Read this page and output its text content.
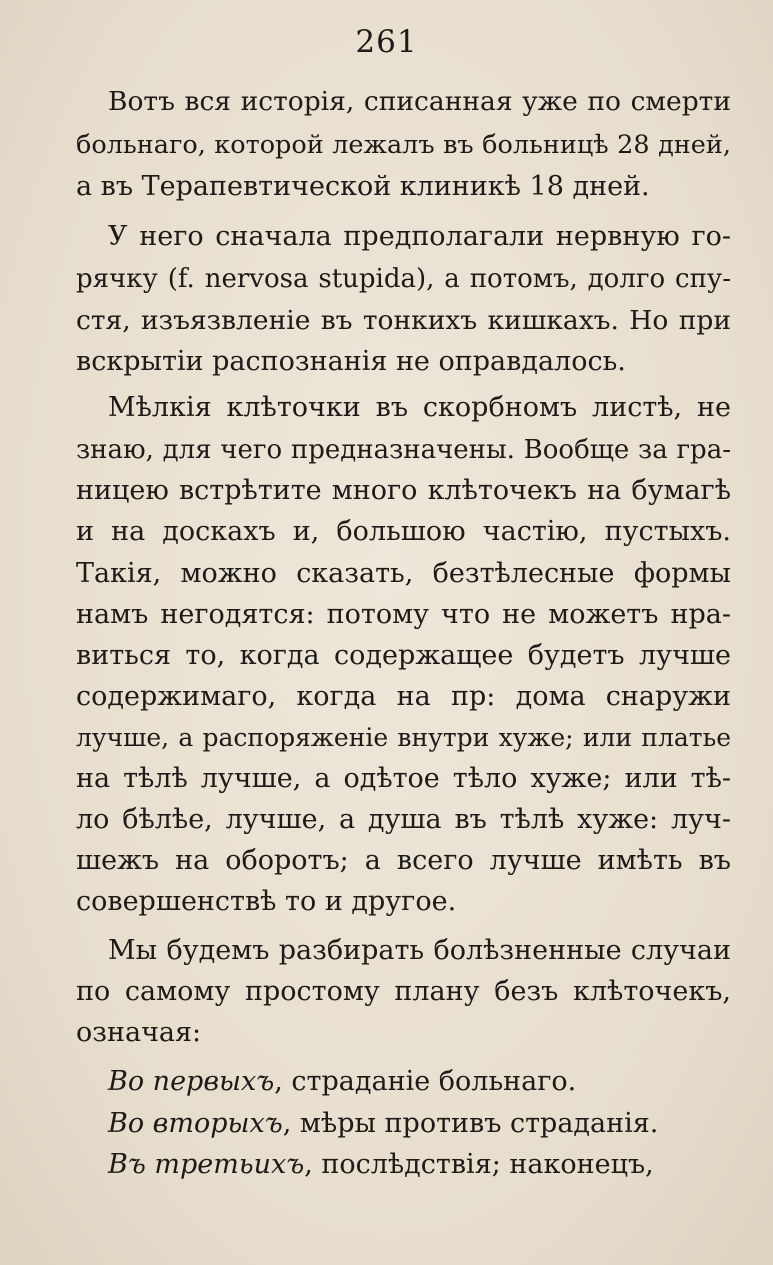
261
Вотъ вся исторія, списанная уже по смерти
больнаго, которой лежалъ въ больницѣ 28 дней,
а въ Терапевтической клиникѣ 18 дней.
У него сначала предполагали нервную го-
рячку (f. nervosa stupida), а потомъ, долго спу-
стя, изъязвленіе въ тонкихъ кишкахъ. Но при
вскрытіи распознанія не оправдалось.
Мѣлкія клѣточки въ скорбномъ листѣ, не
знаю, для чего предназначены. Вообще за гра-
ницею встрѣтите много клѣточекъ на бумагѣ
и на доскахъ и, большою частію, пустыхъ.
Такія, можно сказать, безтѣлесные формы
намъ негодятся: потому что не можетъ нра-
виться то, когда содержащее будетъ лучше
содержимаго, когда на пр: дома снаружи
лучше, а распоряженіе внутри хуже; или платье
на тѣлѣ лучше, а одѣтое тѣло хуже; или тѣ-
ло бѣлѣе, лучше, а душа въ тѣлѣ хуже: луч-
шежъ на оборотъ; а всего лучше имѣть въ
совершенствѣ то и другое.
Мы будемъ разбирать болѣзненные случаи
по самому простому плану безъ клѣточекъ,
означая:
Во первыхъ, страданіе больнаго.
Во вторыхъ, мѣры противъ страданія.
Въ третьихъ, послѣдствія; наконецъ,
